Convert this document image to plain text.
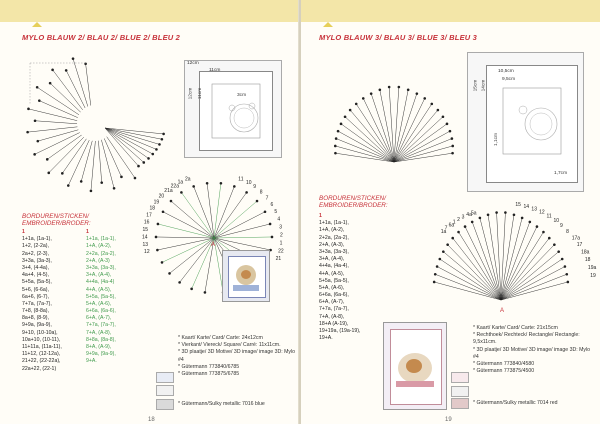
MYLO BLAUW 2/ BLAU 2/ BLUE 2/ BLEU 2
12cm
11cm
12cm 11cm	3cm
BORDUREN/STICKEN/
EMBROIDER/BRODER:
1
1+1a, (1a-1),
1+2, (2-2a),
2a+2, (2-3),
3+3a, (3a-3),
3+4, (4-4a),
4a+4, (4-5),
5+5a, (5a-5),
5+6, (6-6a),
6a+6, (6-7),
7+7a, (7a-7),
7+8, (8-8a),
8a+8, (8-9),
9+9a, (9a-9),
9+10, (10-10a),
10a+10, (10-11),
11+11a, (11a-11),
11+12, (12-12a),
21+22, (22-22a),
22a+22, (22-1)
1
1+1a, (1a-1),
1+A, (A-2),
2+2a, (2a-2),
2+A, (A-3)
3+3a, (3a-3),
3+A, (A-4),
4+4a, (4a-4)
4+A, (A-5),
5+5a, (5a-5),
5+A, (A-6),
6+6a, (6a-6),
6+A, (A-7),
7+7a, (7a-7),
7+A, (A-8),
8+8a, (8a-8),
8+A, (A-9),
9+9a, (9a-9),
9+A.
11
10
9
8
7
6
5
4
3
2
1
22
21
2a
1a
22a
21a
20
19
18
17
16
15
14
13
12
A
* Kaart/ Karte/ Card/ Carte: 24x12cm
* Vierkant/ Viereck/ Square/ Carré: 11x11cm.
* 3D plaatje/ 3D Motive/ 3D image/ image 3D: Mylo #4
* Gütermann 773840/6785
* Gütermann 773875/6785
* Gütermann/Sulky metallic 7016 blue
18
MYLO BLAUW 3/ BLAU 3/ BLUE 3/ BLEU 3
15cm 14cm
10,5cm
9,5cm
1,1cm
1,7cm
BORDUREN/STICKEN/
EMBROIDER/BRODER:
1
1+1a, (1a-1),
1+A, (A-2),
2+2a, (2a-2),
2+A, (A-3),
3+3a, (3a-3),
3+A, (A-4),
4+4a, (4a-4),
4+A, (A-5),
5+5a, (5a-5),
5+A, (A-6),
6+6a, (6a-6),
6+A, (A-7),
7+7a, (7a-7),
7+A, (A-8),
18+A (A-19),
19+19a, (19a-19),
19+A.
15 14 13
12
11
10
9
8
17a
17
18a
18
19a
19
5a
4a
3
2
1
6a
7
1a
A
* Kaart/ Karte/ Card/ Carte: 21x15cm
* Rechthoek/ Rechteck/ Rectangle/ Rectangle: 9,5x11cm.
* 3D plaatje/ 3D Motive/ 3D image/ image 3D: Mylo #4
* Gütermann 773840/4580
* Gütermann 773875/4500
* Gütermann/Sulky metallic 7014 red
19
